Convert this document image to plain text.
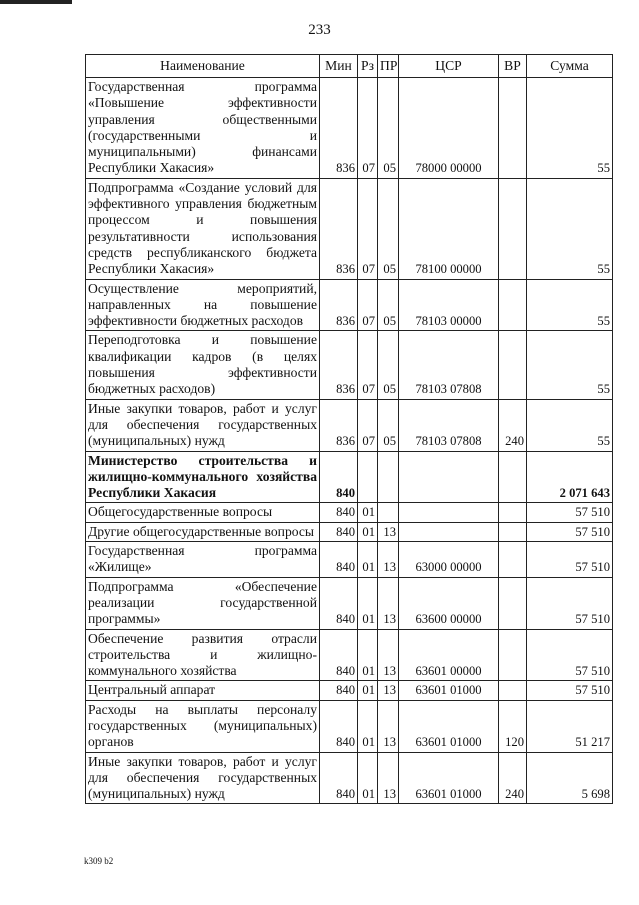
233
Наименование	Мин	Рз	ПР	ЦСР	ВР	Сумма
Государственная программа «Повышение эффективности управления общественными (государственными и муниципальными) финансами Республики Хакасия»	836	07	05	78000 00000		55
Подпрограмма «Создание условий для эффективного управления бюджетным процессом и повышения результативности использования средств республиканского бюджета Республики Хакасия»	836	07	05	78100 00000		55
Осуществление мероприятий, направленных на повышение эффективности бюджетных расходов	836	07	05	78103 00000		55
Переподготовка и повышение квалификации кадров (в целях повышения эффективности бюджетных расходов)	836	07	05	78103 07808		55
Иные закупки товаров, работ и услуг для обеспечения государственных (муниципальных) нужд	836	07	05	78103 07808	240	55
Министерство строительства и жилищно-коммунального хозяйства Республики Хакасия	840					2 071 643
Общегосударственные вопросы	840	01				57 510
Другие общегосударственные вопросы	840	01	13			57 510
Государственная программа «Жилище»	840	01	13	63000 00000		57 510
Подпрограмма «Обеспечение реализации государственной программы»	840	01	13	63600 00000		57 510
Обеспечение развития отрасли строительства и жилищно-коммунального хозяйства	840	01	13	63601 00000		57 510
Центральный аппарат	840	01	13	63601 01000		57 510
Расходы на выплаты персоналу государственных (муниципальных) органов	840	01	13	63601 01000	120	51 217
Иные закупки товаров, работ и услуг для обеспечения государственных (муниципальных) нужд	840	01	13	63601 01000	240	5 698
k309 b2
